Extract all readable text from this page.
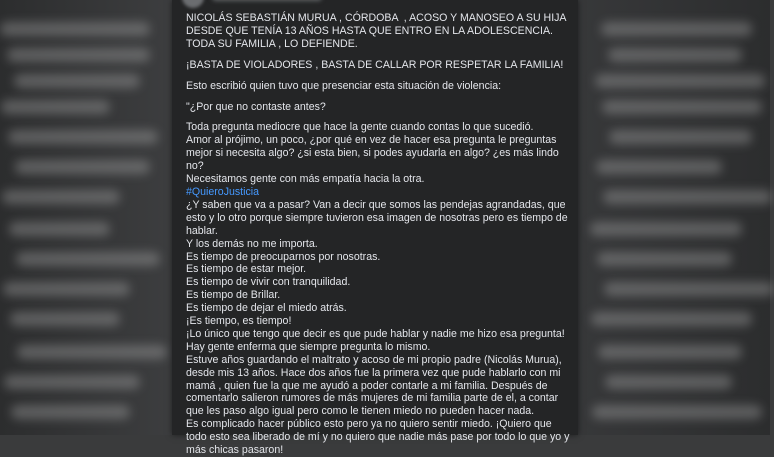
NICOLÁS SEBASTIÁN MURUA , CÓRDOBA  , ACOSO Y MANOSEO A SU HIJA  DESDE QUE TENÍA 13 AÑOS HASTA QUE ENTRO EN LA ADOLESCENCIA.

TODA SU FAMILIA , LO DEFIENDE.

¡BASTA DE VIOLADORES , BASTA DE CALLAR POR RESPETAR LA FAMILIA!

Esto escribió quien tuvo que presenciar esta situación de violencia:

"¿Por que no contaste antes?

Toda pregunta mediocre que hace la gente cuando contas lo que sucedió.

Amor al prójimo, un poco, ¿por qué en vez de hacer esa pregunta le preguntas mejor si necesita algo? ¿si esta bien, si podes ayudarla en algo? ¿es más lindo no?

Necesitamos gente con más empatía hacia la otra.

#QuieroJusticia

¿Y saben que va a pasar? Van a decir que somos las pendejas agrandadas, que esto y lo otro porque siempre tuvieron esa imagen de nosotras pero es tiempo de hablar.

Y los demás no me importa.

Es tiempo de preocuparnos por nosotras.

Es tiempo de estar mejor.

Es tiempo de vivir con tranquilidad.

Es tiempo de Brillar.

Es tiempo de dejar el miedo atrás.

¡Es tiempo, es tiempo!

¡Lo único que tengo que decir es que pude hablar y nadie me hizo esa pregunta!

Hay gente enferma que siempre pregunta lo mismo.

Estuve años guardando el maltrato y acoso de mi propio padre (Nicolás Murua), desde mis 13 años. Hace dos años fue la primera vez que pude hablarlo con mi mamá , quien fue la que me ayudó a poder contarle a mi familia. Después de comentarlo salieron rumores de más mujeres de mi familia parte de el, a contar que les paso algo igual pero como le tienen miedo no pueden hacer nada.

Es complicado hacer público esto pero ya no quiero sentir miedo. ¡Quiero que todo esto sea liberado de mí y no quiero que nadie más pase por todo lo que yo y más chicas pasaron!
